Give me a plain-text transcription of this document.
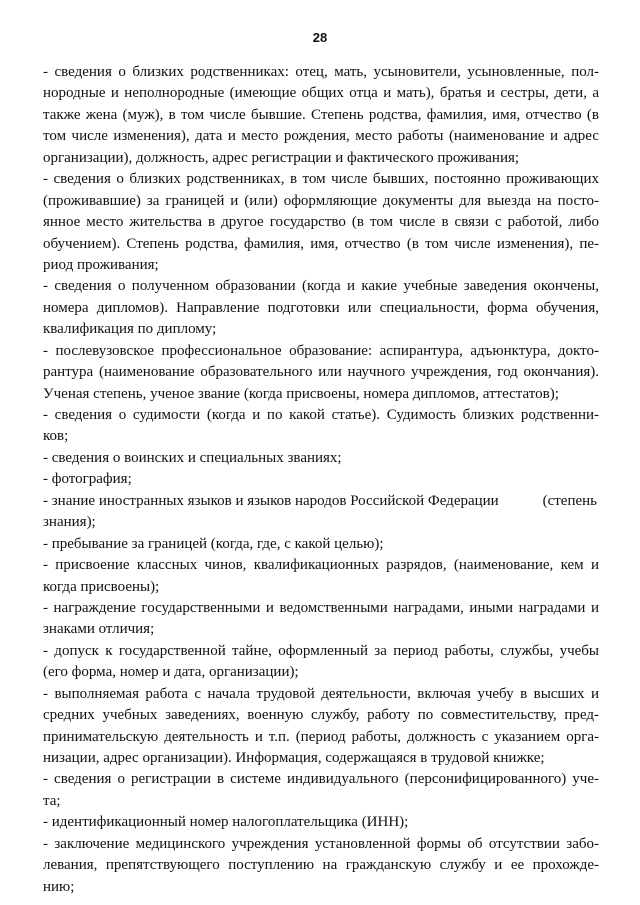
28
- сведения о близких родственниках: отец, мать, усыновители, усыновленные, пол-
нородные и неполнородные (имеющие общих отца и мать), братья и сестры, дети, а
также жена (муж), в том числе бывшие. Степень родства, фамилия, имя, отчество (в
том числе изменения), дата и место рождения, место работы (наименование и адрес
организации), должность, адрес регистрации и фактического проживания;
- сведения о близких родственниках, в том числе бывших, постоянно проживающих
(проживавшие) за границей и (или) оформляющие документы для выезда на посто-
янное место жительства в другое государство (в том числе в связи с работой, либо
обучением). Степень родства, фамилия, имя, отчество (в том числе изменения), пе-
риод проживания;
- сведения о полученном образовании (когда и какие учебные заведения окончены,
номера дипломов). Направление подготовки или специальности, форма обучения,
квалификация по диплому;
- послевузовское профессиональное образование: аспирантура, адъюнктура, докто-
рантура (наименование образовательного или научного учреждения, год окончания).
Ученая степень, ученое звание (когда присвоены, номера дипломов, аттестатов);
- сведения о судимости (когда и по какой статье). Судимость близких родственни-
ков;
- сведения о воинских и специальных званиях;
- фотография;
- знание иностранных языков и языков народов Российской Федерации	(степень
знания);
- пребывание за границей (когда, где, с какой целью);
- присвоение классных чинов, квалификационных разрядов, (наименование, кем и
когда присвоены);
- награждение государственными и ведомственными наградами, иными наградами и
знаками отличия;
- допуск к государственной тайне, оформленный за период работы, службы, учебы
(его форма, номер и дата, организации);
- выполняемая работа с начала трудовой деятельности, включая учебу в высших и
средних учебных заведениях, военную службу, работу по совместительству, пред-
принимательскую деятельность и т.п. (период работы, должность с указанием орга-
низации, адрес организации). Информация, содержащаяся в трудовой книжке;
- сведения о регистрации в системе индивидуального (персонифицированного) уче-
та;
- идентификационный номер налогоплательщика (ИНН);
- заключение медицинского учреждения установленной формы об отсутствии забо-
левания, препятствующего поступлению на гражданскую службу и ее прохожде-
нию;
